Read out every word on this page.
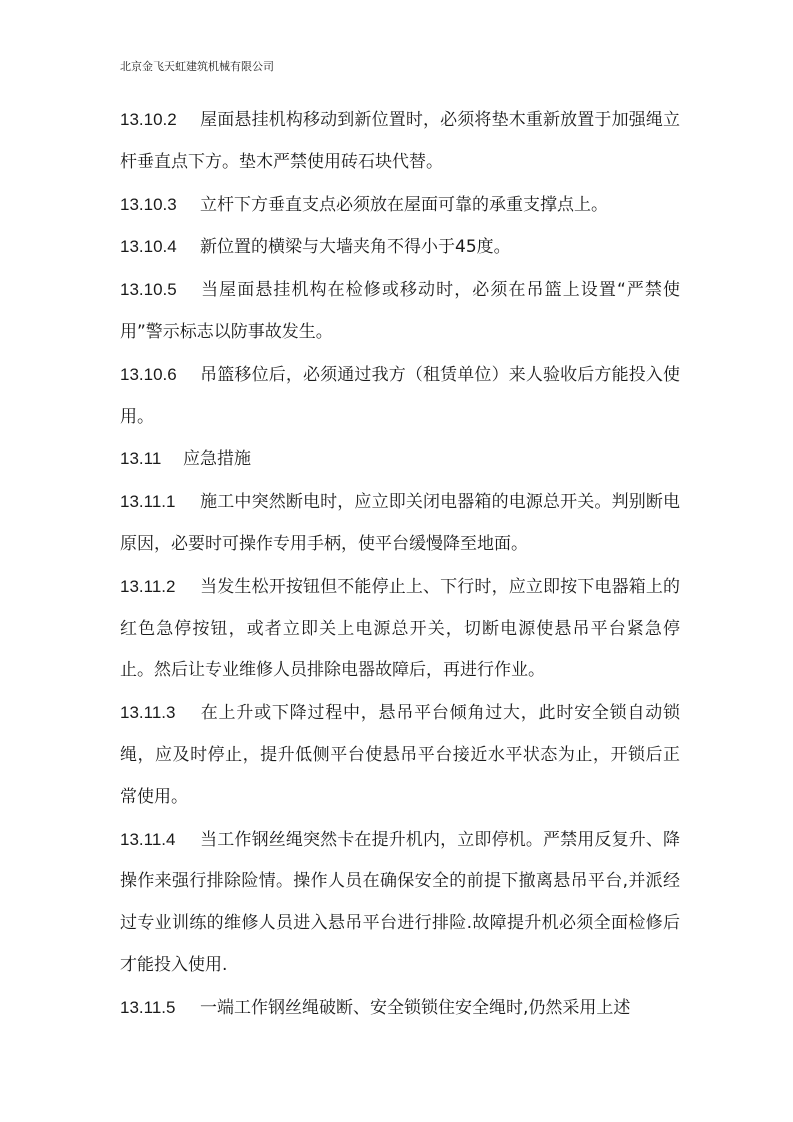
北京金飞天虹建筑机械有限公司

13.10.2 屋面悬挂机构移动到新位置时，必须将垫木重新放置于加强绳立杆垂直点下方。垫木严禁使用砖石块代替。

13.10.3 立杆下方垂直支点必须放在屋面可靠的承重支撑点上。

13.10.4 新位置的横梁与大墙夹角不得小于45度。

13.10.5 当屋面悬挂机构在检修或移动时，必须在吊篮上设置“严禁使用”警示标志以防事故发生。

13.10.6 吊篮移位后，必须通过我方（租赁单位）来人验收后方能投入使用。

13.11 应急措施

13.11.1 施工中突然断电时，应立即关闭电器箱的电源总开关。判别断电原因，必要时可操作专用手柄，使平台缓慢降至地面。

13.11.2 当发生松开按钮但不能停止上、下行时，应立即按下电器箱上的红色急停按钮，或者立即关上电源总开关，切断电源使悬吊平台紧急停止。然后让专业维修人员排除电器故障后，再进行作业。

13.11.3 在上升或下降过程中，悬吊平台倾角过大，此时安全锁自动锁绳，应及时停止，提升低侧平台使悬吊平台接近水平状态为止，开锁后正常使用。

13.11.4 当工作钢丝绳突然卡在提升机内，立即停机。严禁用反复升、降操作来强行排除险情。操作人员在确保安全的前提下撤离悬吊平台,并派经过专业训练的维修人员进入悬吊平台进行排险.故障提升机必须全面检修后才能投入使用.

13.11.5 一端工作钢丝绳破断、安全锁锁住安全绳时,仍然采用上述
